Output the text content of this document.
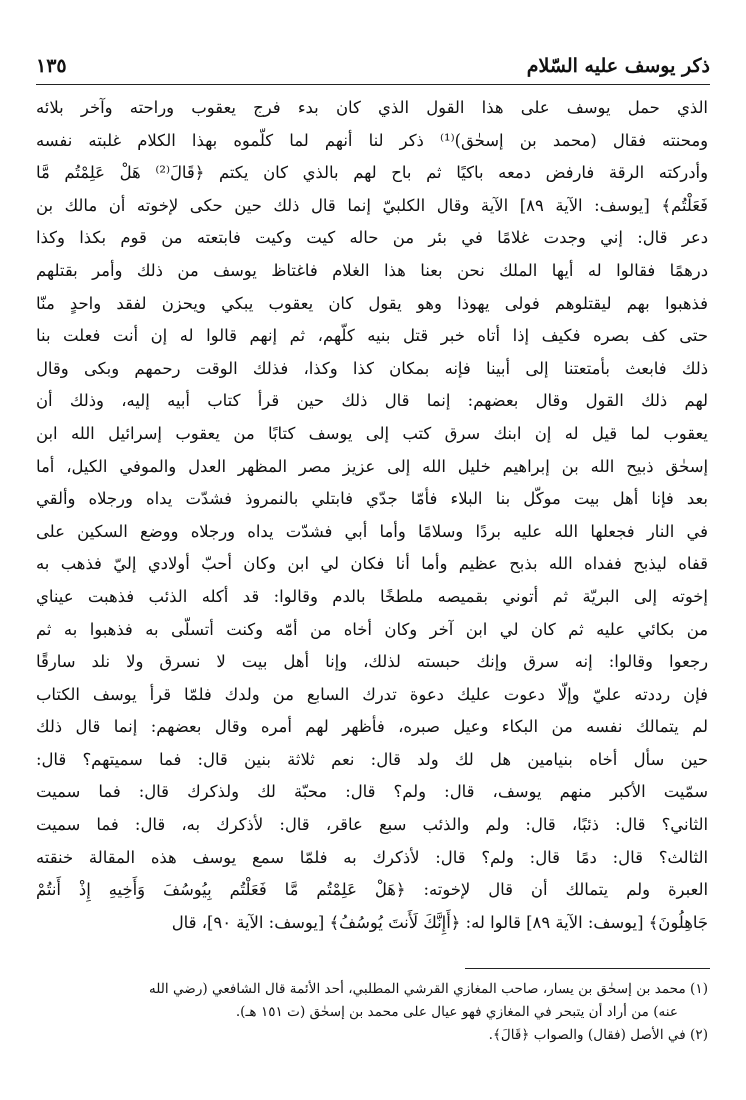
ذكر يوسف عليه السّلام
١٣٥
الذي حمل يوسف على هذا القول الذي كان بدء فرج يعقوب وراحته وآخر بلائه
ومحنته فقال (محمد بن إسحٰق)⁽¹⁾ ذكر لنا أنهم لما كلّموه بهذا الكلام غلبته نفسه
وأدركته الرقة فارفض دمعه باكيًا ثم باح لهم بالذي كان يكتم ﴿قَالَ⁽²⁾ هَلْ عَلِمْتُم مَّا
فَعَلْتُم﴾ [يوسف: الآية ٨٩] الآية وقال الكلبيّ إنما قال ذلك حين حكى لإخوته أن مالك بن
دعر قال: إني وجدت غلامًا في بئر من حاله كيت وكيت فابتعته من قوم بكذا وكذا
درهمًا فقالوا له أيها الملك نحن بعنا هذا الغلام فاغتاظ يوسف من ذلك وأمر بقتلهم
فذهبوا بهم ليقتلوهم فولى يهوذا وهو يقول كان يعقوب يبكي ويحزن لفقد واحدٍ منّا
حتى كف بصره فكيف إذا أتاه خبر قتل بنيه كلّهم، ثم إنهم قالوا له إن أنت فعلت بنا
ذلك فابعث بأمتعتنا إلى أبينا فإنه بمكان كذا وكذا، فذلك الوقت رحمهم وبكى وقال
لهم ذلك القول وقال بعضهم: إنما قال ذلك حين قرأ كتاب أبيه إليه، وذلك أن
يعقوب لما قيل له إن ابنك سرق كتب إلى يوسف كتابًا من يعقوب إسرائيل الله ابن
إسحٰق ذبيح الله بن إبراهيم خليل الله إلى عزيز مصر المظهر العدل والموفي الكيل، أما
بعد فإنا أهل بيت موكّل بنا البلاء فأمّا جدّي فابتلي بالنمروذ فشدّت يداه ورجلاه وألقي
في النار فجعلها الله عليه بردًا وسلامًا وأما أبي فشدّت يداه ورجلاه ووضع السكين على
قفاه ليذبح ففداه الله بذبح عظيم وأما أنا فكان لي ابن وكان أحبّ أولادي إليّ فذهب به
إخوته إلى البريّة ثم أتوني بقميصه ملطخًا بالدم وقالوا: قد أكله الذئب فذهبت عيناي
من بكائي عليه ثم كان لي ابن آخر وكان أخاه من أمّه وكنت أتسلّى به فذهبوا به ثم
رجعوا وقالوا: إنه سرق وإنك حبسته لذلك، وإنا أهل بيت لا نسرق ولا نلد سارقًا
فإن رددته عليّ وإلّا دعوت عليك دعوة تدرك السابع من ولدك فلمّا قرأ يوسف الكتاب
لم يتمالك نفسه من البكاء وعيل صبره، فأظهر لهم أمره وقال بعضهم: إنما قال ذلك
حين سأل أخاه بنيامين هل لك ولد قال: نعم ثلاثة بنين قال: فما سميتهم؟ قال:
سمّيت الأكبر منهم يوسف، قال: ولم؟ قال: محبّة لك ولذكرك قال: فما سميت
الثاني؟ قال: ذئبًا، قال: ولم والذئب سبع عاقر، قال: لأذكرك به، قال: فما سميت
الثالث؟ قال: دمًا قال: ولم؟ قال: لأذكرك به فلمّا سمع يوسف هذه المقالة خنقته
العبرة ولم يتمالك أن قال لإخوته: ﴿هَلْ عَلِمْتُم مَّا فَعَلْتُم بِيُوسُفَ وَأَخِيهِ إِذْ أَنتُمْ
جَاهِلُونَ﴾ [يوسف: الآية ٨٩] قالوا له: ﴿أَإِنَّكَ لَأَنتَ يُوسُفُ﴾ [يوسف: الآية ٩٠]، قال
(١) محمد بن إسحٰق بن يسار، صاحب المغازي القرشي المطلبي، أحد الأئمة قال الشافعي (رضي الله
عنه) من أراد أن يتبحر في المغازي فهو عيال على محمد بن إسحٰق (ت ١٥١ هـ).
(٢) في الأصل (فقال) والصواب ﴿قَالَ﴾.
